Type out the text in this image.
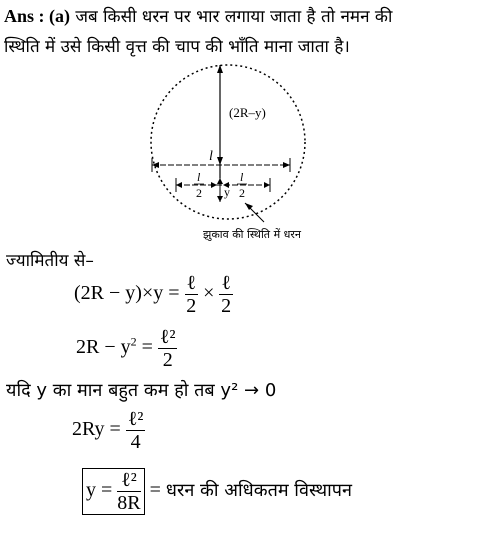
Ans : (a) जब किसी धरन पर भार लगाया जाता है तो नमन की
स्थिति में उसे किसी वृत्त की चाप की भाँति माना जाता है।
(2R–y)
l
l
2
l
2
y
झुकाव की स्थिति में धरन
ज्यामितीय से–
$(2R - y)\times y = \frac{\text{ℓ}}{2} \times \frac{\text{ℓ}}{2}$
$2R - y^2 = \frac{\text{ℓ²}}{2}$
यदि y का मान बहुत कम हो तब y² → 0
$2Ry = \frac{\text{ℓ²}}{4}$
$y = \frac{\text{ℓ²}}{8R}$ = धरन की अधिकतम विस्थापन
